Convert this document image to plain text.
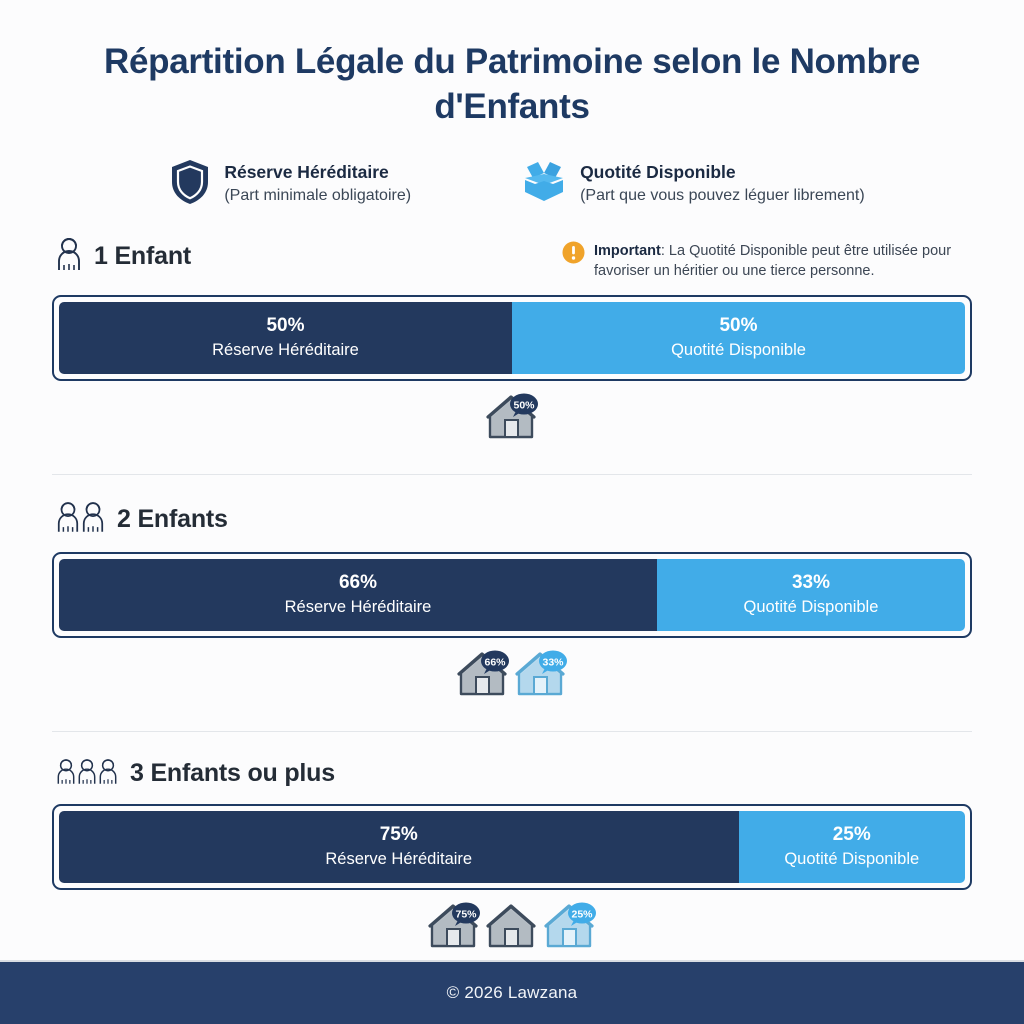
Répartition Légale du Patrimoine selon le Nombre d'Enfants
Réserve Héréditaire
(Part minimale obligatoire)
Quotité Disponible
(Part que vous pouvez léguer librement)
1 Enfant	Important: La Quotité Disponible peut être utilisée pour favoriser un héritier ou une tierce personne.
50%
Réserve Héréditaire
50%
Quotité Disponible
50%
2 Enfants
66%
Réserve Héréditaire
33%
Quotité Disponible
66%	33%
3 Enfants ou plus
75%
Réserve Héréditaire
25%
Quotité Disponible
75%	25%
© 2026 Lawzana
